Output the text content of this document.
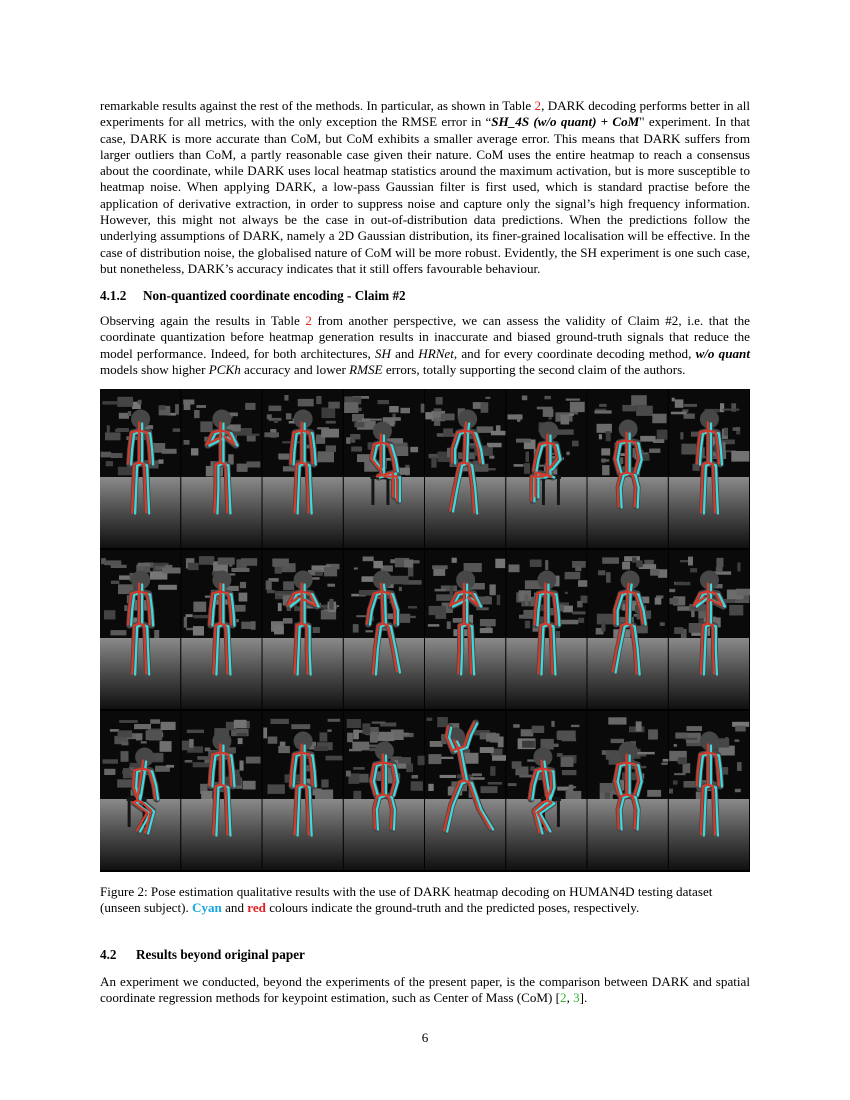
remarkable results against the rest of the methods. In particular, as shown in Table 2, DARK decoding performs better in all experiments for all metrics, with the only exception the RMSE error in “SH_4S (w/o quant) + CoM" experiment. In that case, DARK is more accurate than CoM, but CoM exhibits a smaller average error. This means that DARK suffers from larger outliers than CoM, a partly reasonable case given their nature. CoM uses the entire heatmap to reach a consensus about the coordinate, while DARK uses local heatmap statistics around the maximum activation, but is more susceptible to heatmap noise. When applying DARK, a low-pass Gaussian filter is first used, which is standard practise before the application of derivative extraction, in order to suppress noise and capture only the signal’s high frequency information. However, this might not always be the case in out-of-distribution data predictions. When the predictions follow the underlying assumptions of DARK, namely a 2D Gaussian distribution, its finer-grained localisation will be effective. In the case of distribution noise, the globalised nature of CoM will be more robust. Evidently, the SH experiment is one such case, but nonetheless, DARK’s accuracy indicates that it still offers favourable behaviour.

4.1.2 Non-quantized coordinate encoding - Claim #2

Observing again the results in Table 2 from another perspective, we can assess the validity of Claim #2, i.e. that the coordinate quantization before heatmap generation results in inaccurate and biased ground-truth signals that reduce the model performance. Indeed, for both architectures, SH and HRNet, and for every coordinate decoding method, w/o quant models show higher PCKh accuracy and lower RMSE errors, totally supporting the second claim of the authors.

Figure 2: Pose estimation qualitative results with the use of DARK heatmap decoding on HUMAN4D testing dataset (unseen subject). Cyan and red colours indicate the ground-truth and the predicted poses, respectively.

4.2 Results beyond original paper

An experiment we conducted, beyond the experiments of the present paper, is the comparison between DARK and spatial coordinate regression methods for keypoint estimation, such as Center of Mass (CoM) [2, 3].

6
